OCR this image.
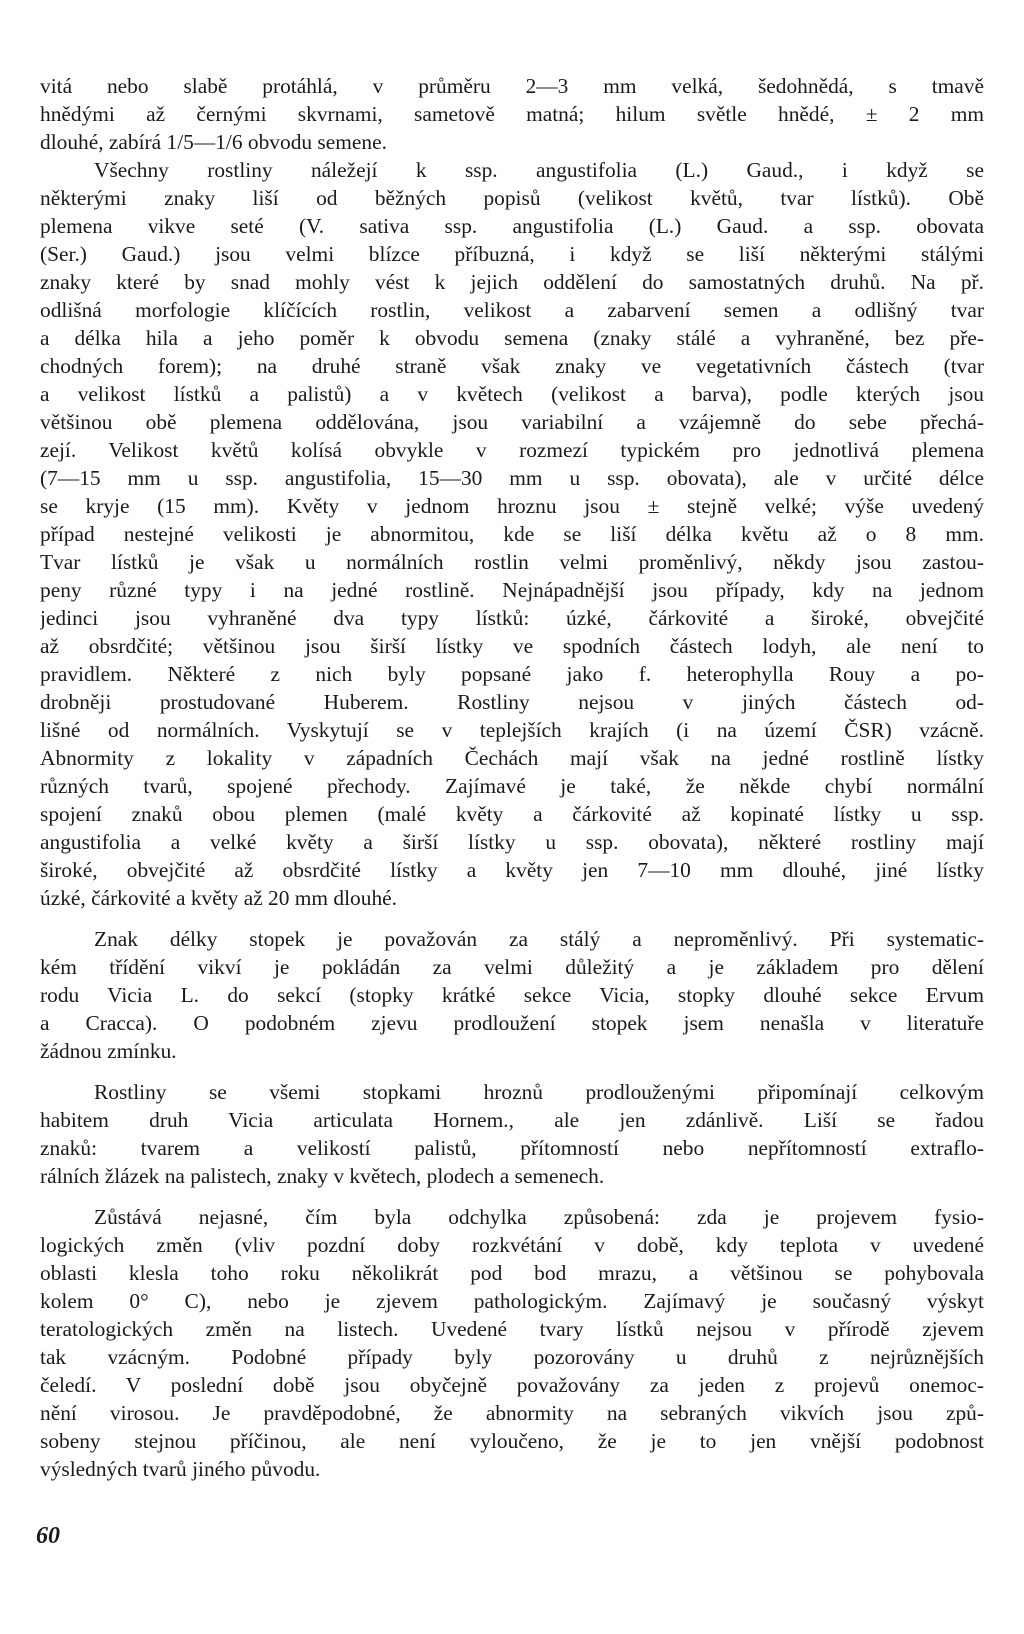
vitá nebo slabě protáhlá, v průměru 2—3 mm velká, šedohnědá, s tmavě
hnědými až černými skvrnami, sametově matná; hilum světle hnědé, ± 2 mm
dlouhé, zabírá 1/5—1/6 obvodu semene.
Všechny rostliny náležejí k ssp. angustifolia (L.) Gaud., i když se
některými znaky liší od běžných popisů (velikost květů, tvar lístků). Obě
plemena vikve seté (V. sativa ssp. angustifolia (L.) Gaud. a ssp. obovata
(Ser.) Gaud.) jsou velmi blízce příbuzná, i když se liší některými stálými
znaky které by snad mohly vést k jejich oddělení do samostatných druhů. Na př.
odlišná morfologie klíčících rostlin, velikost a zabarvení semen a odlišný tvar
a délka hila a jeho poměr k obvodu semena (znaky stálé a vyhraněné, bez pře-
chodných forem); na druhé straně však znaky ve vegetativních částech (tvar
a velikost lístků a palistů) a v květech (velikost a barva), podle kterých jsou
většinou obě plemena oddělována, jsou variabilní a vzájemně do sebe přechá-
zejí. Velikost květů kolísá obvykle v rozmezí typickém pro jednotlivá plemena
(7—15 mm u ssp. angustifolia, 15—30 mm u ssp. obovata), ale v určité délce
se kryje (15 mm). Květy v jednom hroznu jsou ± stejně velké; výše uvedený
případ nestejné velikosti je abnormitou, kde se liší délka květu až o 8 mm.
Tvar lístků je však u normálních rostlin velmi proměnlivý, někdy jsou zastou-
peny různé typy i na jedné rostlině. Nejnápadnější jsou případy, kdy na jednom
jedinci jsou vyhraněné dva typy lístků: úzké, čárkovité a široké, obvejčité
až obsrdčité; většinou jsou širší lístky ve spodních částech lodyh, ale není to
pravidlem. Některé z nich byly popsané jako f. heterophylla Rouy a po-
drobněji prostudované Huberem. Rostliny nejsou v jiných částech od-
lišné od normálních. Vyskytují se v teplejších krajích (i na území ČSR) vzácně.
Abnormity z lokality v západních Čechách mají však na jedné rostlině lístky
různých tvarů, spojené přechody. Zajímavé je také, že někde chybí normální
spojení znaků obou plemen (malé květy a čárkovité až kopinaté lístky u ssp.
angustifolia a velké květy a širší lístky u ssp. obovata), některé rostliny mají
široké, obvejčité až obsrdčité lístky a květy jen 7—10 mm dlouhé, jiné lístky
úzké, čárkovité a květy až 20 mm dlouhé.
Znak délky stopek je považován za stálý a neproměnlivý. Při systematic-
kém třídění vikví je pokládán za velmi důležitý a je základem pro dělení
rodu Vicia L. do sekcí (stopky krátké sekce Vicia, stopky dlouhé sekce Ervum
a Cracca). O podobném zjevu prodloužení stopek jsem nenašla v literatuře
žádnou zmínku.
Rostliny se všemi stopkami hroznů prodlouženými připomínají celkovým
habitem druh Vicia articulata Hornem., ale jen zdánlivě. Liší se řadou
znaků: tvarem a velikostí palistů, přítomností nebo nepřítomností extraflo-
rálních žlázek na palistech, znaky v květech, plodech a semenech.
Zůstává nejasné, čím byla odchylka způsobená: zda je projevem fysio-
logických změn (vliv pozdní doby rozkvétání v době, kdy teplota v uvedené
oblasti klesla toho roku několikrát pod bod mrazu, a většinou se pohybovala
kolem 0° C), nebo je zjevem pathologickým. Zajímavý je současný výskyt
teratologických změn na listech. Uvedené tvary lístků nejsou v přírodě zjevem
tak vzácným. Podobné případy byly pozorovány u druhů z nejrůznějších
čeledí. V poslední době jsou obyčejně považovány za jeden z projevů onemoc-
nění virosou. Je pravděpodobné, že abnormity na sebraných vikvích jsou způ-
sobeny stejnou příčinou, ale není vyloučeno, že je to jen vnější podobnost
výsledných tvarů jiného původu.
60
